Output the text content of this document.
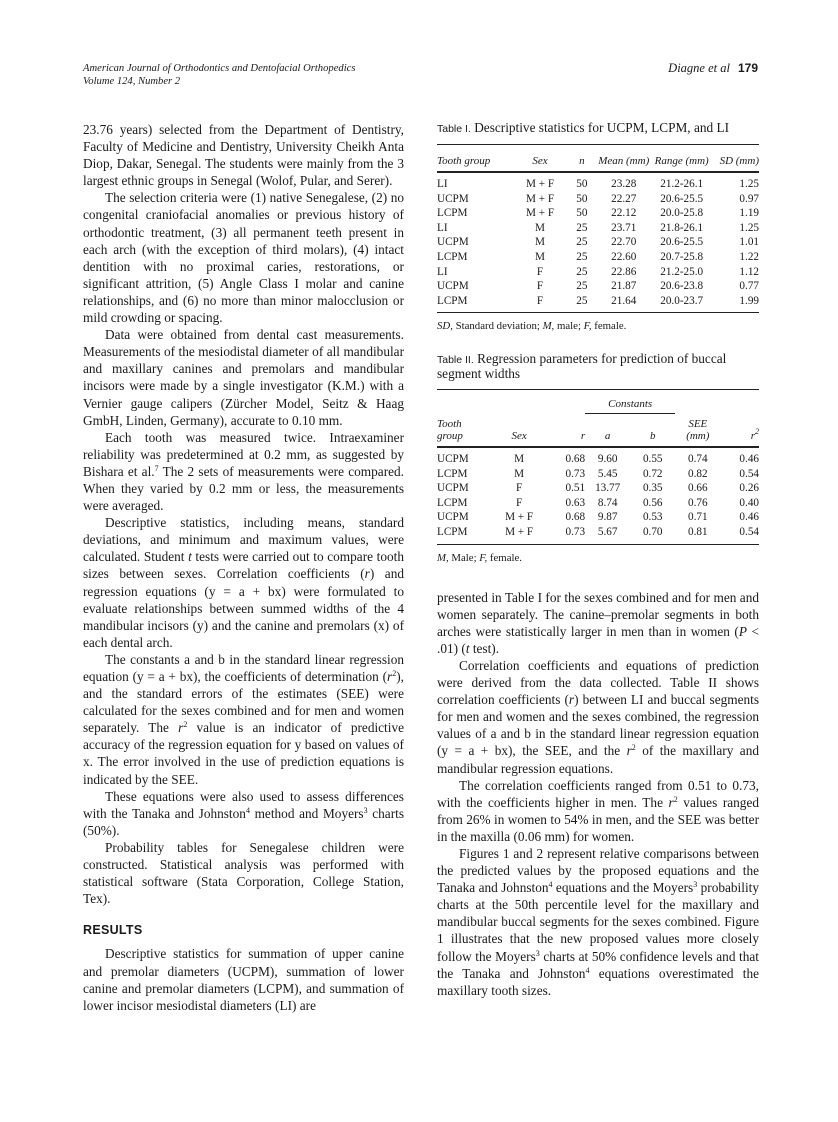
American Journal of Orthodontics and Dentofacial Orthopedics
Volume 124, Number 2
Diagne et al 179

23.76 years) selected from the Department of Dentistry, Faculty of Medicine and Dentistry, University Cheikh Anta Diop, Dakar, Senegal. The students were mainly from the 3 largest ethnic groups in Senegal (Wolof, Pular, and Serer).

The selection criteria were (1) native Senegalese, (2) no congenital craniofacial anomalies or previous history of orthodontic treatment, (3) all permanent teeth present in each arch (with the exception of third molars), (4) intact dentition with no proximal caries, restorations, or significant attrition, (5) Angle Class I molar and canine relationships, and (6) no more than minor malocclusion or mild crowding or spacing.

Data were obtained from dental cast measurements. Measurements of the mesiodistal diameter of all mandibular and maxillary canines and premolars and mandibular incisors were made by a single investigator (K.M.) with a Vernier gauge calipers (Zürcher Model, Seitz & Haag GmbH, Linden, Germany), accurate to 0.10 mm.

Each tooth was measured twice. Intraexaminer reliability was predetermined at 0.2 mm, as suggested by Bishara et al.$^7$ The 2 sets of measurements were compared. When they varied by 0.2 mm or less, the measurements were averaged.

Descriptive statistics, including means, standard deviations, and minimum and maximum values, were calculated. Student t tests were carried out to compare tooth sizes between sexes. Correlation coefficients (r) and regression equations (y = a + bx) were formulated to evaluate relationships between summed widths of the 4 mandibular incisors (y) and the canine and premolars (x) of each dental arch.

The constants a and b in the standard linear regression equation (y = a + bx), the coefficients of determination $(r^2)$, and the standard errors of the estimates (SEE) were calculated for the sexes combined and for men and women separately. The $r^2$ value is an indicator of predictive accuracy of the regression equation for y based on values of x. The error involved in the use of prediction equations is indicated by the SEE.

These equations were also used to assess differences with the Tanaka and Johnston$^4$ method and Moyers$^3$ charts (50%).

Probability tables for Senegalese children were constructed. Statistical analysis was performed with statistical software (Stata Corporation, College Station, Tex).

RESULTS

Descriptive statistics for summation of upper canine and premolar diameters (UCPM), summation of lower canine and premolar diameters (LCPM), and summation of lower incisor mesiodistal diameters (LI) are

Table I. Descriptive statistics for UCPM, LCPM, and LI

Tooth group	Sex	n	Mean (mm)	Range (mm)	SD (mm)

LI	M + F	50	23.28	21.2-26.1	1.25
UCPM	M + F	50	22.27	20.6-25.5	0.97
LCPM	M + F	50	22.12	20.0-25.8	1.19
LI	M	25	23.71	21.8-26.1	1.25
UCPM	M	25	22.70	20.6-25.5	1.01
LCPM	M	25	22.60	20.7-25.8	1.22
LI	F	25	22.86	21.2-25.0	1.12
UCPM	F	25	21.87	20.6-23.8	0.77
LCPM	F	25	21.64	20.0-23.7	1.99
SD, Standard deviation; M, male; F, female.
Table II. Regression parameters for prediction of buccal segment widths

			Constants			
Tooth
group	Sex	r	a	b	SEE
(mm)	$r^2$

UCPM	M	0.68	9.60	0.55	0.74	0.46
LCPM	M	0.73	5.45	0.72	0.82	0.54
UCPM	F	0.51	13.77	0.35	0.66	0.26
LCPM	F	0.63	8.74	0.56	0.76	0.40
UCPM	M + F	0.68	9.87	0.53	0.71	0.46
LCPM	M + F	0.73	5.67	0.70	0.81	0.54
M, Male; F, female.

presented in Table I for the sexes combined and for men and women separately. The canine–premolar segments in both arches were statistically larger in men than in women (P < .01) (t test).

Correlation coefficients and equations of prediction were derived from the data collected. Table II shows correlation coefficients (r) between LI and buccal segments for men and women and the sexes combined, the regression values of a and b in the standard linear regression equation (y = a + bx), the SEE, and the $r^2$ of the maxillary and mandibular regression equations.

The correlation coefficients ranged from 0.51 to 0.73, with the coefficients higher in men. The $r^2$ values ranged from 26% in women to 54% in men, and the SEE was better in the maxilla (0.06 mm) for women.

Figures 1 and 2 represent relative comparisons between the predicted values by the proposed equations and the Tanaka and Johnston$^4$ equations and the Moyers$^3$ probability charts at the 50th percentile level for the maxillary and mandibular buccal segments for the sexes combined. Figure 1 illustrates that the new proposed values more closely follow the Moyers$^3$ charts at 50% confidence levels and that the Tanaka and Johnston$^4$ equations overestimated the maxillary tooth sizes.
